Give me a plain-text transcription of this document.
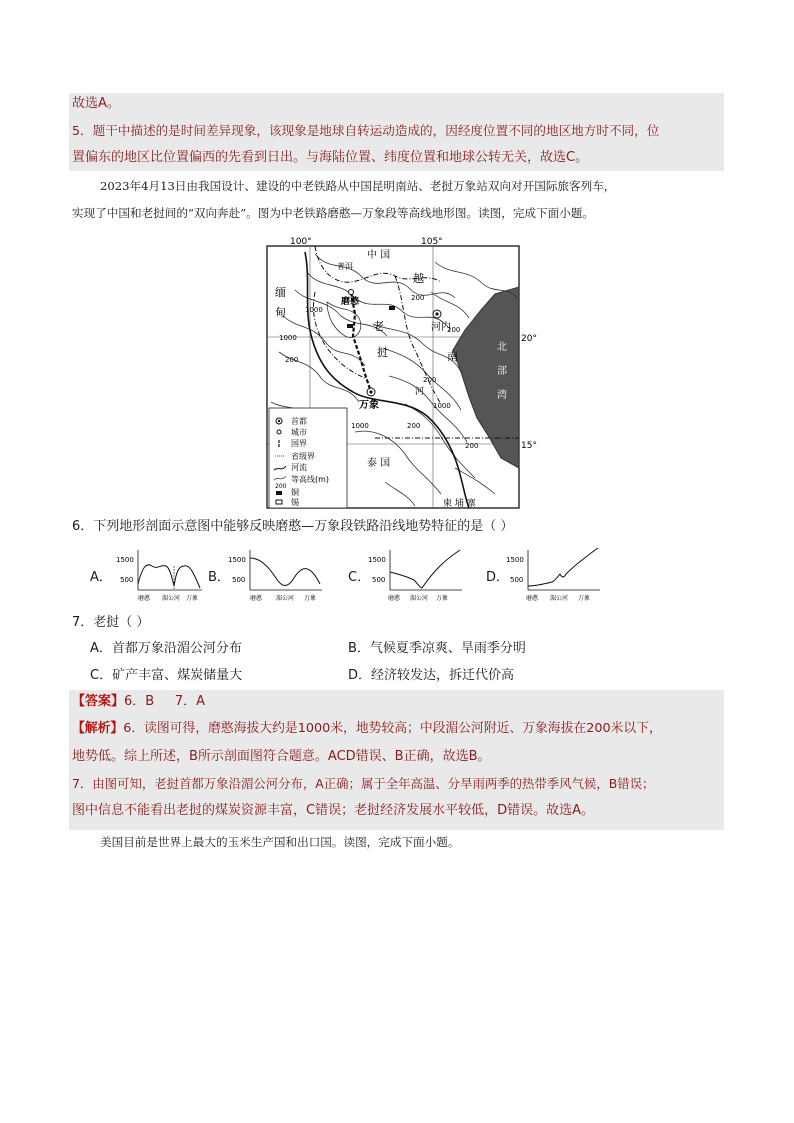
故选A。
5．题干中描述的是时间差异现象，该现象是地球自转运动造成的，因经度位置不同的地区地方时不同，位
置偏东的地区比位置偏西的先看到日出。与海陆位置、纬度位置和地球公转无关，故选C。
2023年4月13日由我国设计、建设的中老铁路从中国昆明南站、老挝万象站双向对开国际旅客列车，
实现了中国和老挝间的“双向奔赴”。图为中老铁路磨憨—万象段等高线地形图。读图，完成下面小题。
100°	105°
20°
15°
中 国
普洱
缅
甸
越
老
挝	南
泰 国
柬 埔 寨
北
部
湾
河
磨憨
河内
万象
200
1000
200
200
1000
200
1000	200
1000
200
首都
城市
国界
省级界
河流
200
等高线(m)
铜
锡
6．下列地形剖面示意图中能够反映磨憨—万象段铁路沿线地势特征的是（ ）
A．
1500
500
磨憨 湄公河 万象
B．
1500
500
磨憨 湄公河 万象
C．
1500
500
磨憨 湄公河 万象
D．
1500
500
磨憨 湄公河 万象
7．老挝（ ）
A．首都万象沿湄公河分布	B．气候夏季凉爽、旱雨季分明
C．矿产丰富、煤炭储量大	D．经济较发达，拆迁代价高
【答案】6．B     7．A
【解析】6．读图可得，磨憨海拔大约是1000米，地势较高；中段湄公河附近、万象海拔在200米以下，
地势低。综上所述，B所示剖面图符合题意。ACD错误、B正确，故选B。
7．由图可知，老挝首都万象沿湄公河分布，A正确；属于全年高温、分旱雨两季的热带季风气候，B错误；
图中信息不能看出老挝的煤炭资源丰富，C错误；老挝经济发展水平较低，D错误。故选A。
美国目前是世界上最大的玉米生产国和出口国。读图，完成下面小题。
